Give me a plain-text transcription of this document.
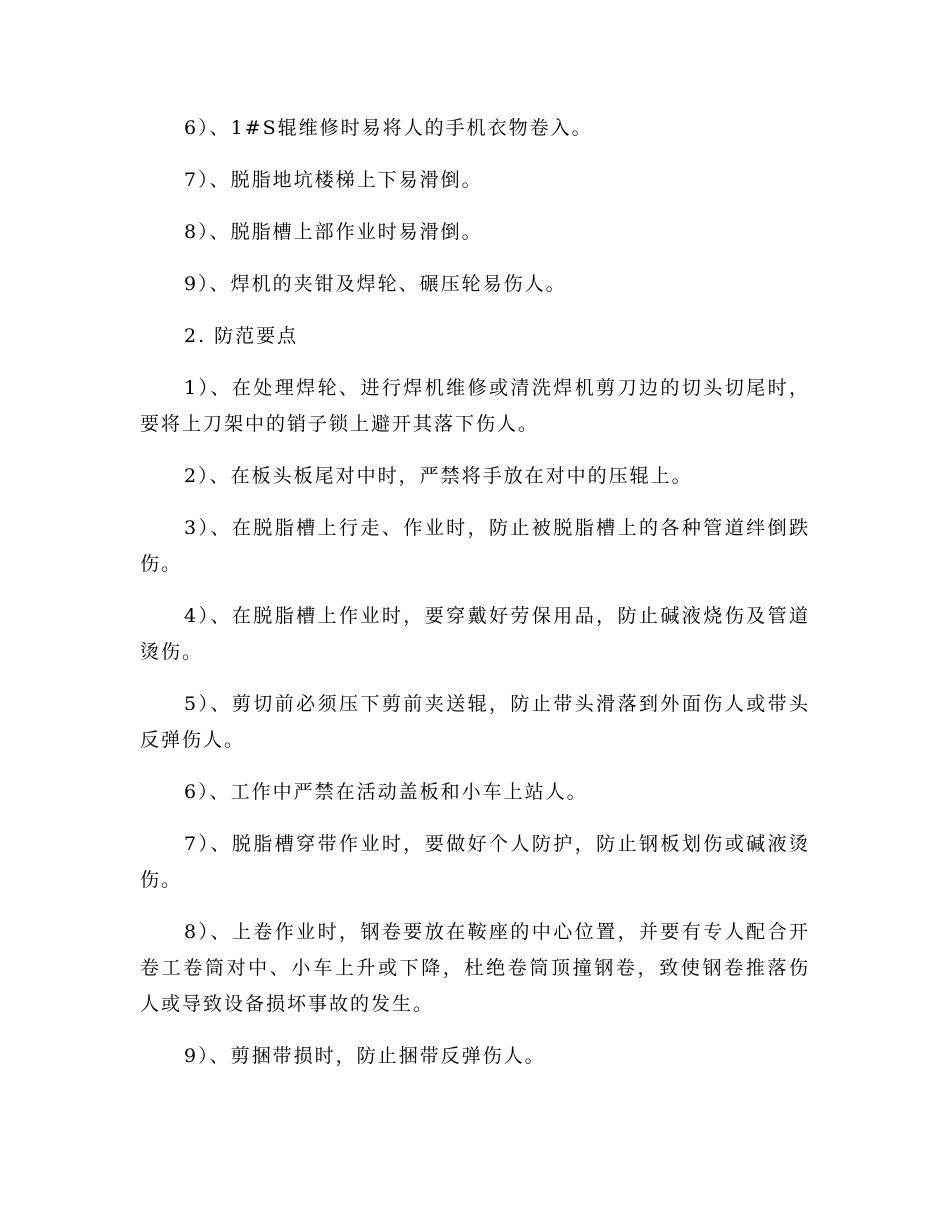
6）、1#S辊维修时易将人的手机衣物卷入。

7）、脱脂地坑楼梯上下易滑倒。

8）、脱脂槽上部作业时易滑倒。

9）、焊机的夹钳及焊轮、碾压轮易伤人。

2. 防范要点

1）、在处理焊轮、进行焊机维修或清洗焊机剪刀边的切头切尾时，要将上刀架中的销子锁上避开其落下伤人。

2）、在板头板尾对中时，严禁将手放在对中的压辊上。

3）、在脱脂槽上行走、作业时，防止被脱脂槽上的各种管道绊倒跌伤。

4）、在脱脂槽上作业时，要穿戴好劳保用品，防止碱液烧伤及管道烫伤。

5）、剪切前必须压下剪前夹送辊，防止带头滑落到外面伤人或带头反弹伤人。

6）、工作中严禁在活动盖板和小车上站人。

7）、脱脂槽穿带作业时，要做好个人防护，防止钢板划伤或碱液烫伤。

8）、上卷作业时，钢卷要放在鞍座的中心位置，并要有专人配合开卷工卷筒对中、小车上升或下降，杜绝卷筒顶撞钢卷，致使钢卷推落伤人或导致设备损坏事故的发生。

9）、剪捆带损时，防止捆带反弹伤人。
